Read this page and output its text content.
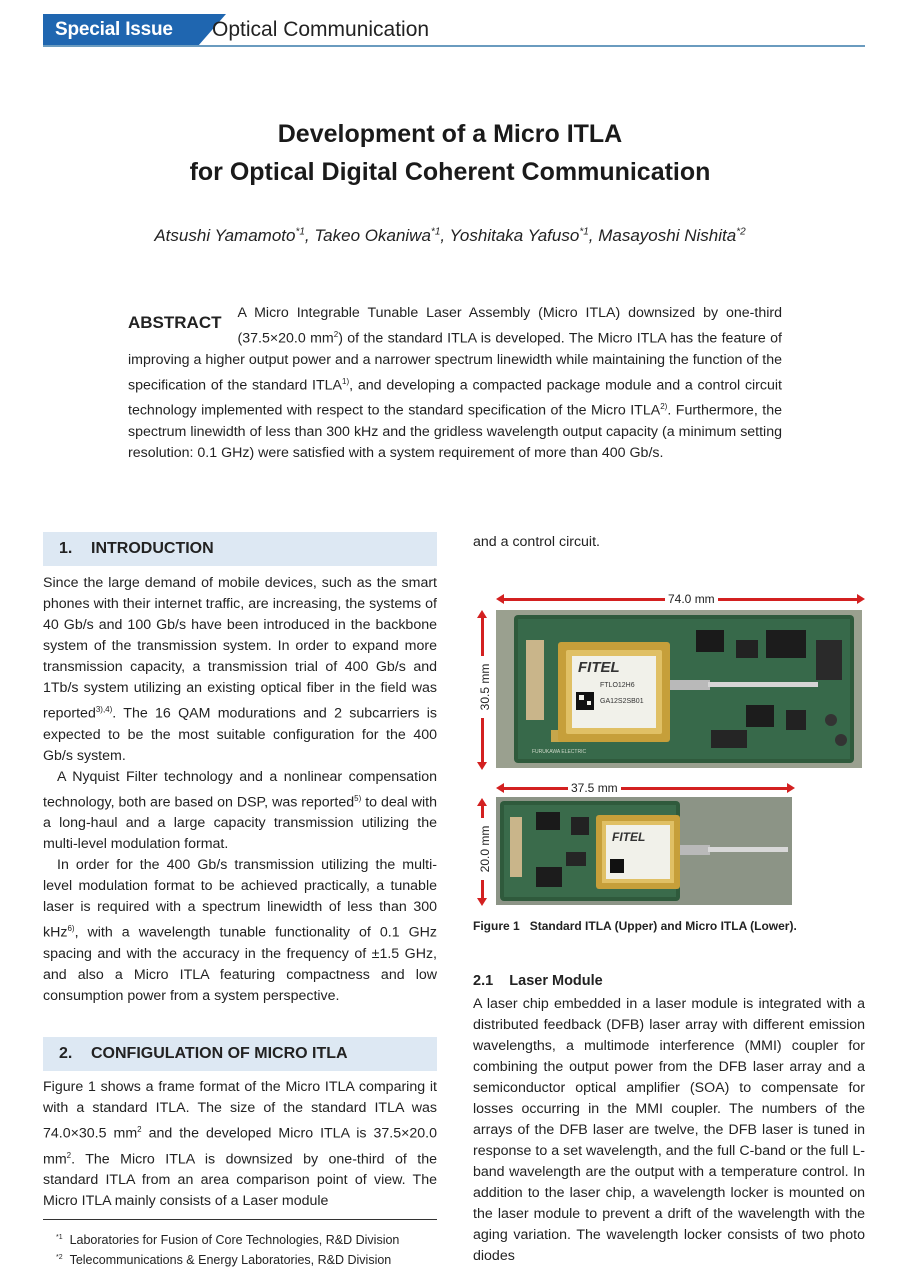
Special Issue Optical Communication
Development of a Micro ITLA
for Optical Digital Coherent Communication
Atsushi Yamamoto$^{*1}$, Takeo Okaniwa$^{*1}$, Yoshitaka Yafuso$^{*1}$, Masayoshi Nishita$^{*2}$
ABSTRACT A Micro Integrable Tunable Laser Assembly (Micro ITLA) downsized by one-third (37.5×20.0 $mm^2$) of the standard ITLA is developed. The Micro ITLA has the feature of improving a higher output power and a narrower spectrum linewidth while maintaining the function of the specification of the standard ITLA$^{1)}$, and developing a compacted package module and a control circuit technology implemented with respect to the standard specification of the Micro ITLA$^{2)}$. Furthermore, the spectrum linewidth of less than 300 kHz and the gridless wavelength output capacity (a minimum setting resolution: 0.1 GHz) were satisfied with a system requirement of more than 400 Gb/s.
1. INTRODUCTION

Since the large demand of mobile devices, such as the smart phones with their internet traffic, are increasing, the systems of 40 Gb/s and 100 Gb/s have been introduced in the backbone system of the transmission system. In order to expand more transmission capacity, a transmission trial of 400 Gb/s and 1Tb/s system utilizing an existing optical fiber in the field was reported$^{3),4)}$. The 16 QAM modurations and 2 subcarriers is expected to be the most suitable configuration for the 400 Gb/s system.

A Nyquist Filter technology and a nonlinear compensation technology, both are based on DSP, was reported$^{5)}$ to deal with a long-haul and a large capacity transmission utilizing the multi-level modulation format.

In order for the 400 Gb/s transmission utilizing the multi-level modulation format to be achieved practically, a tunable laser is required with a spectrum linewidth of less than 300 kHz$^{6)}$, with a wavelength tunable functionality of 0.1 GHz spacing and with the accuracy in the frequency of ±1.5 GHz, and also a Micro ITLA featuring compactness and low consumption power from a system perspective.

2. CONFIGULATION OF MICRO ITLA

Figure 1 shows a frame format of the Micro ITLA comparing it with a standard ITLA. The size of the standard ITLA was 74.0×30.5 $mm^2$ and the developed Micro ITLA is 37.5×20.0 $mm^2$. The Micro ITLA is downsized by one-third of the standard ITLA from an area comparison point of view. The Micro ITLA mainly consists of a Laser module

$^{*1}$ Laboratories for Fusion of Core Technologies, R&D Division
$^{*2}$ Telecommunications & Energy Laboratories, R&D Division

and a control circuit.

74.0 mm
FITEL
FTLO12H6
GA12S2SB01
FURUKAWA ELECTRIC
30.5 mm
37.5 mm
FITEL
20.0 mm
Figure 1 Standard ITLA (Upper) and Micro ITLA (Lower).
2.1    Laser Module

A laser chip embedded in a laser module is integrated with a distributed feedback (DFB) laser array with different emission wavelengths, a multimode interference (MMI) coupler for combining the output power from the DFB laser array and a semiconductor optical amplifier (SOA) to compensate for losses occurring in the MMI coupler. The numbers of the arrays of the DFB laser are twelve, the DFB laser is tuned in response to a set wavelength, and the full C-band or the full L-band wavelength are the output with a temperature control. In addition to the laser chip, a wavelength locker is mounted on the laser module to prevent a drift of the wavelength with the aging variation. The wavelength locker consists of two photo diodes
